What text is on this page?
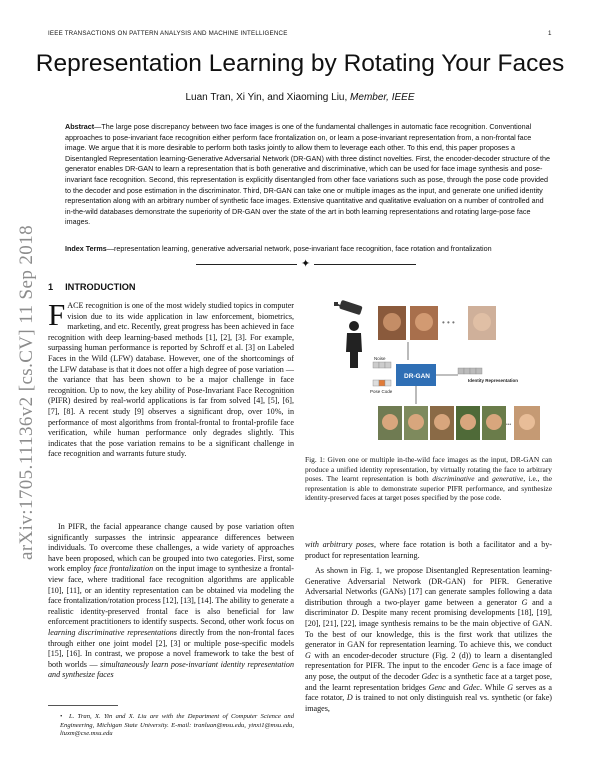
IEEE TRANSACTIONS ON PATTERN ANALYSIS AND MACHINE INTELLIGENCE	1
Representation Learning by Rotating Your Faces
Luan Tran, Xi Yin, and Xiaoming Liu, Member, IEEE

Abstract—The large pose discrepancy between two face images is one of the fundamental challenges in automatic face recognition. Conventional approaches to pose-invariant face recognition either perform face frontalization on, or learn a pose-invariant representation from, a non-frontal face image. We argue that it is more desirable to perform both tasks jointly to allow them to leverage each other. To this end, this paper proposes a Disentangled Representation learning-Generative Adversarial Network (DR-GAN) with three distinct novelties. First, the encoder-decoder structure of the generator enables DR-GAN to learn a representation that is both generative and discriminative, which can be used for face image synthesis and pose-invariant face recognition. Second, this representation is explicitly disentangled from other face variations such as pose, through the pose code provided to the decoder and pose estimation in the discriminator. Third, DR-GAN can take one or multiple images as the input, and generate one unified identity representation along with an arbitrary number of synthetic face images. Extensive quantitative and qualitative evaluation on a number of controlled and in-the-wild databases demonstrate the superiority of DR-GAN over the state of the art in both learning representations and rotating large-pose face images.

Index Terms—representation learning, generative adversarial network, pose-invariant face recognition, face rotation and frontalization

✦
arXiv:1705.11136v2 [cs.CV] 11 Sep 2018 1 INTRODUCTION

FACE recognition is one of the most widely studied topics in computer vision due to its wide application in law enforcement, biometrics, marketing, and etc. Recently, great progress has been achieved in face recognition with deep learning-based methods [1], [2], [3]. For example, surpassing human performance is reported by Schroff et al. [3] on Labeled Faces in the Wild (LFW) database. However, one of the shortcomings of the LFW database is that it does not offer a high degree of pose variation — the variance that has been shown to be a major challenge in face recognition. Up to now, the key ability of Pose-Invariant Face Recognition (PIFR) desired by real-world applications is far from solved [4], [5], [6], [7], [8]. A recent study [9] observes a significant drop, over 10%, in performance of most algorithms from frontal-frontal to frontal-profile face verification, while human performance only degrades slightly. This indicates that the pose variation remains to be a significant challenge in face recognition and warrants future study.

In PIFR, the facial appearance change caused by pose variation often significantly surpasses the intrinsic appearance differences between individuals. To overcome these challenges, a wide variety of approaches have been proposed, which can be grouped into two categories. First, some work employ face frontalization on the input image to synthesize a frontal-view face, where traditional face recognition algorithms are applicable [10], [11], or an identity representation can be obtained via modeling the face frontalization/rotation process [12], [13], [14]. The ability to generate a realistic identity-preserved frontal face is also beneficial for law enforcement practitioners to identify suspects. Second, other work focus on learning discriminative representations directly from the non-frontal faces through either one joint model [2], [3] or multiple pose-specific models [15], [16]. In contrast, we propose a novel framework to take the best of both worlds — simultaneously learn pose-invariant identity representation and synthesize faces

• L. Tran, X. Yin and X. Liu are with the Department of Computer Science and Engineering, Michigan State University. E-mail: tranluan@msu.edu, yinxi1@msu.edu, liuxm@cse.msu.edu

• • •
Noise
Pose Code
DR-GAN
Identity Representation
•••

Fig. 1: Given one or multiple in-the-wild face images as the input, DR-GAN can produce a unified identity representation, by virtually rotating the face to arbitrary poses. The learnt representation is both discriminative and generative, i.e., the representation is able to demonstrate superior PIFR performance, and synthesize identity-preserved faces at target poses specified by the pose code.

with arbitrary poses, where face rotation is both a facilitator and a by-product for representation learning.

As shown in Fig. 1, we propose Disentangled Representation learning-Generative Adversarial Network (DR-GAN) for PIFR. Generative Adversarial Networks (GANs) [17] can generate samples following a data distribution through a two-player game between a generator G and a discriminator D. Despite many recent promising developments [18], [19], [20], [21], [22], image synthesis remains to be the main objective of GAN. To the best of our knowledge, this is the first work that utilizes the generator in GAN for representation learning. To achieve this, we conduct G with an encoder-decoder structure (Fig. 2 (d)) to learn a disentangled representation for PIFR. The input to the encoder Genc is a face image of any pose, the output of the decoder Gdec is a synthetic face at a target pose, and the learnt representation bridges Genc and Gdec. While G serves as a face rotator, D is trained to not only distinguish real vs. synthetic (or fake) images,
